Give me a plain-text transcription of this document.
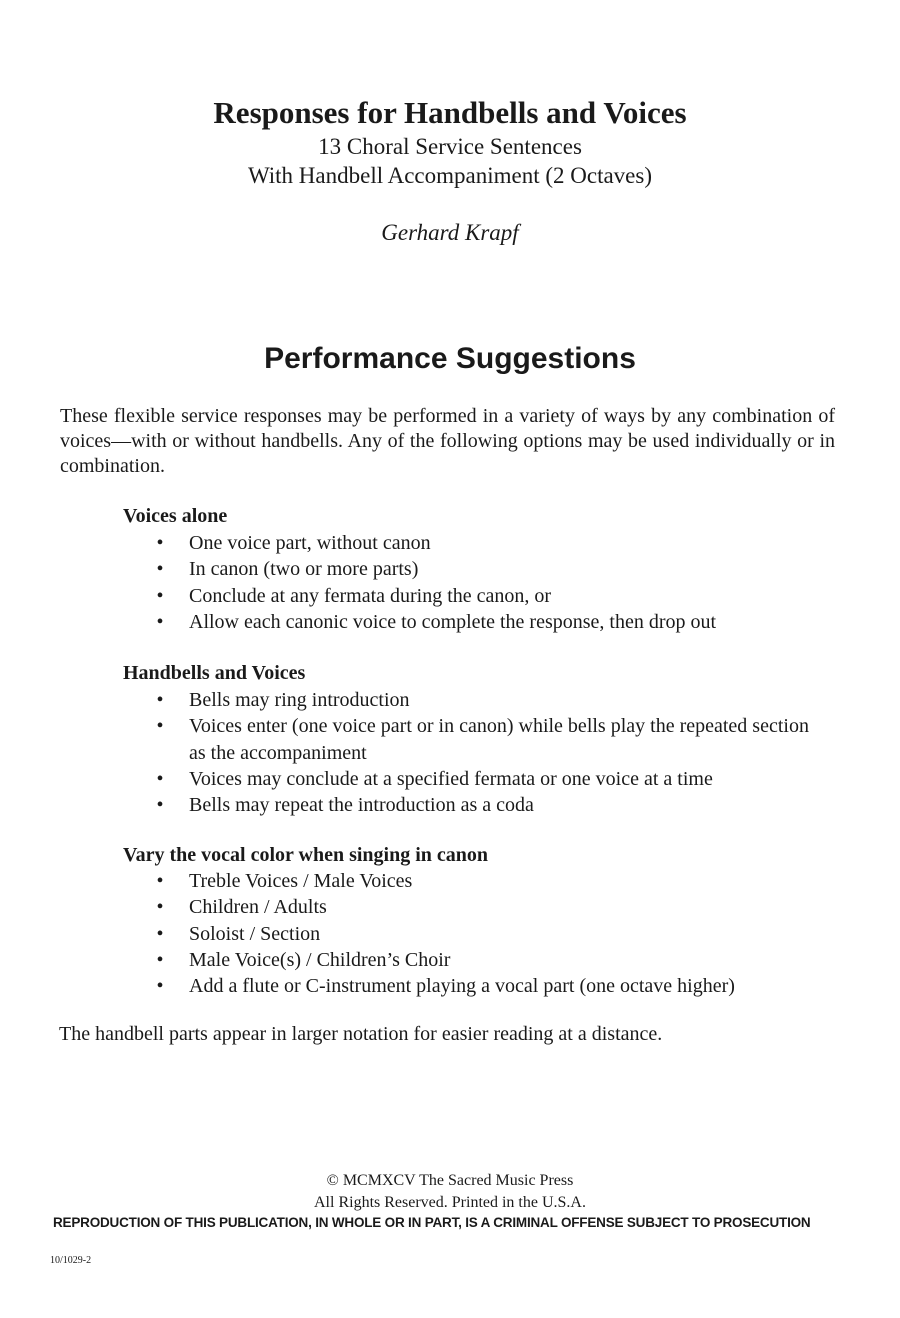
Responses for Handbells and Voices
13 Choral Service Sentences
With Handbell Accompaniment (2 Octaves)
Gerhard Krapf
Performance Suggestions
These flexible service responses may be performed in a variety of ways by any combination of voices—with or without handbells. Any of the following options may be used individually or in combination.
Voices alone
• One voice part, without canon
• In canon (two or more parts)
• Conclude at any fermata during the canon, or
• Allow each canonic voice to complete the response, then drop out
Handbells and Voices
• Bells may ring introduction
• Voices enter (one voice part or in canon) while bells play the repeated section as the accompaniment
• Voices may conclude at a specified fermata or one voice at a time
• Bells may repeat the introduction as a coda
Vary the vocal color when singing in canon
• Treble Voices / Male Voices
• Children / Adults
• Soloist / Section
• Male Voice(s) / Children’s Choir
• Add a flute or C-instrument playing a vocal part (one octave higher)
The handbell parts appear in larger notation for easier reading at a distance.
© MCMXCV The Sacred Music Press
All Rights Reserved. Printed in the U.S.A.
REPRODUCTION OF THIS PUBLICATION, IN WHOLE OR IN PART, IS A CRIMINAL OFFENSE SUBJECT TO PROSECUTION
10/1029-2
